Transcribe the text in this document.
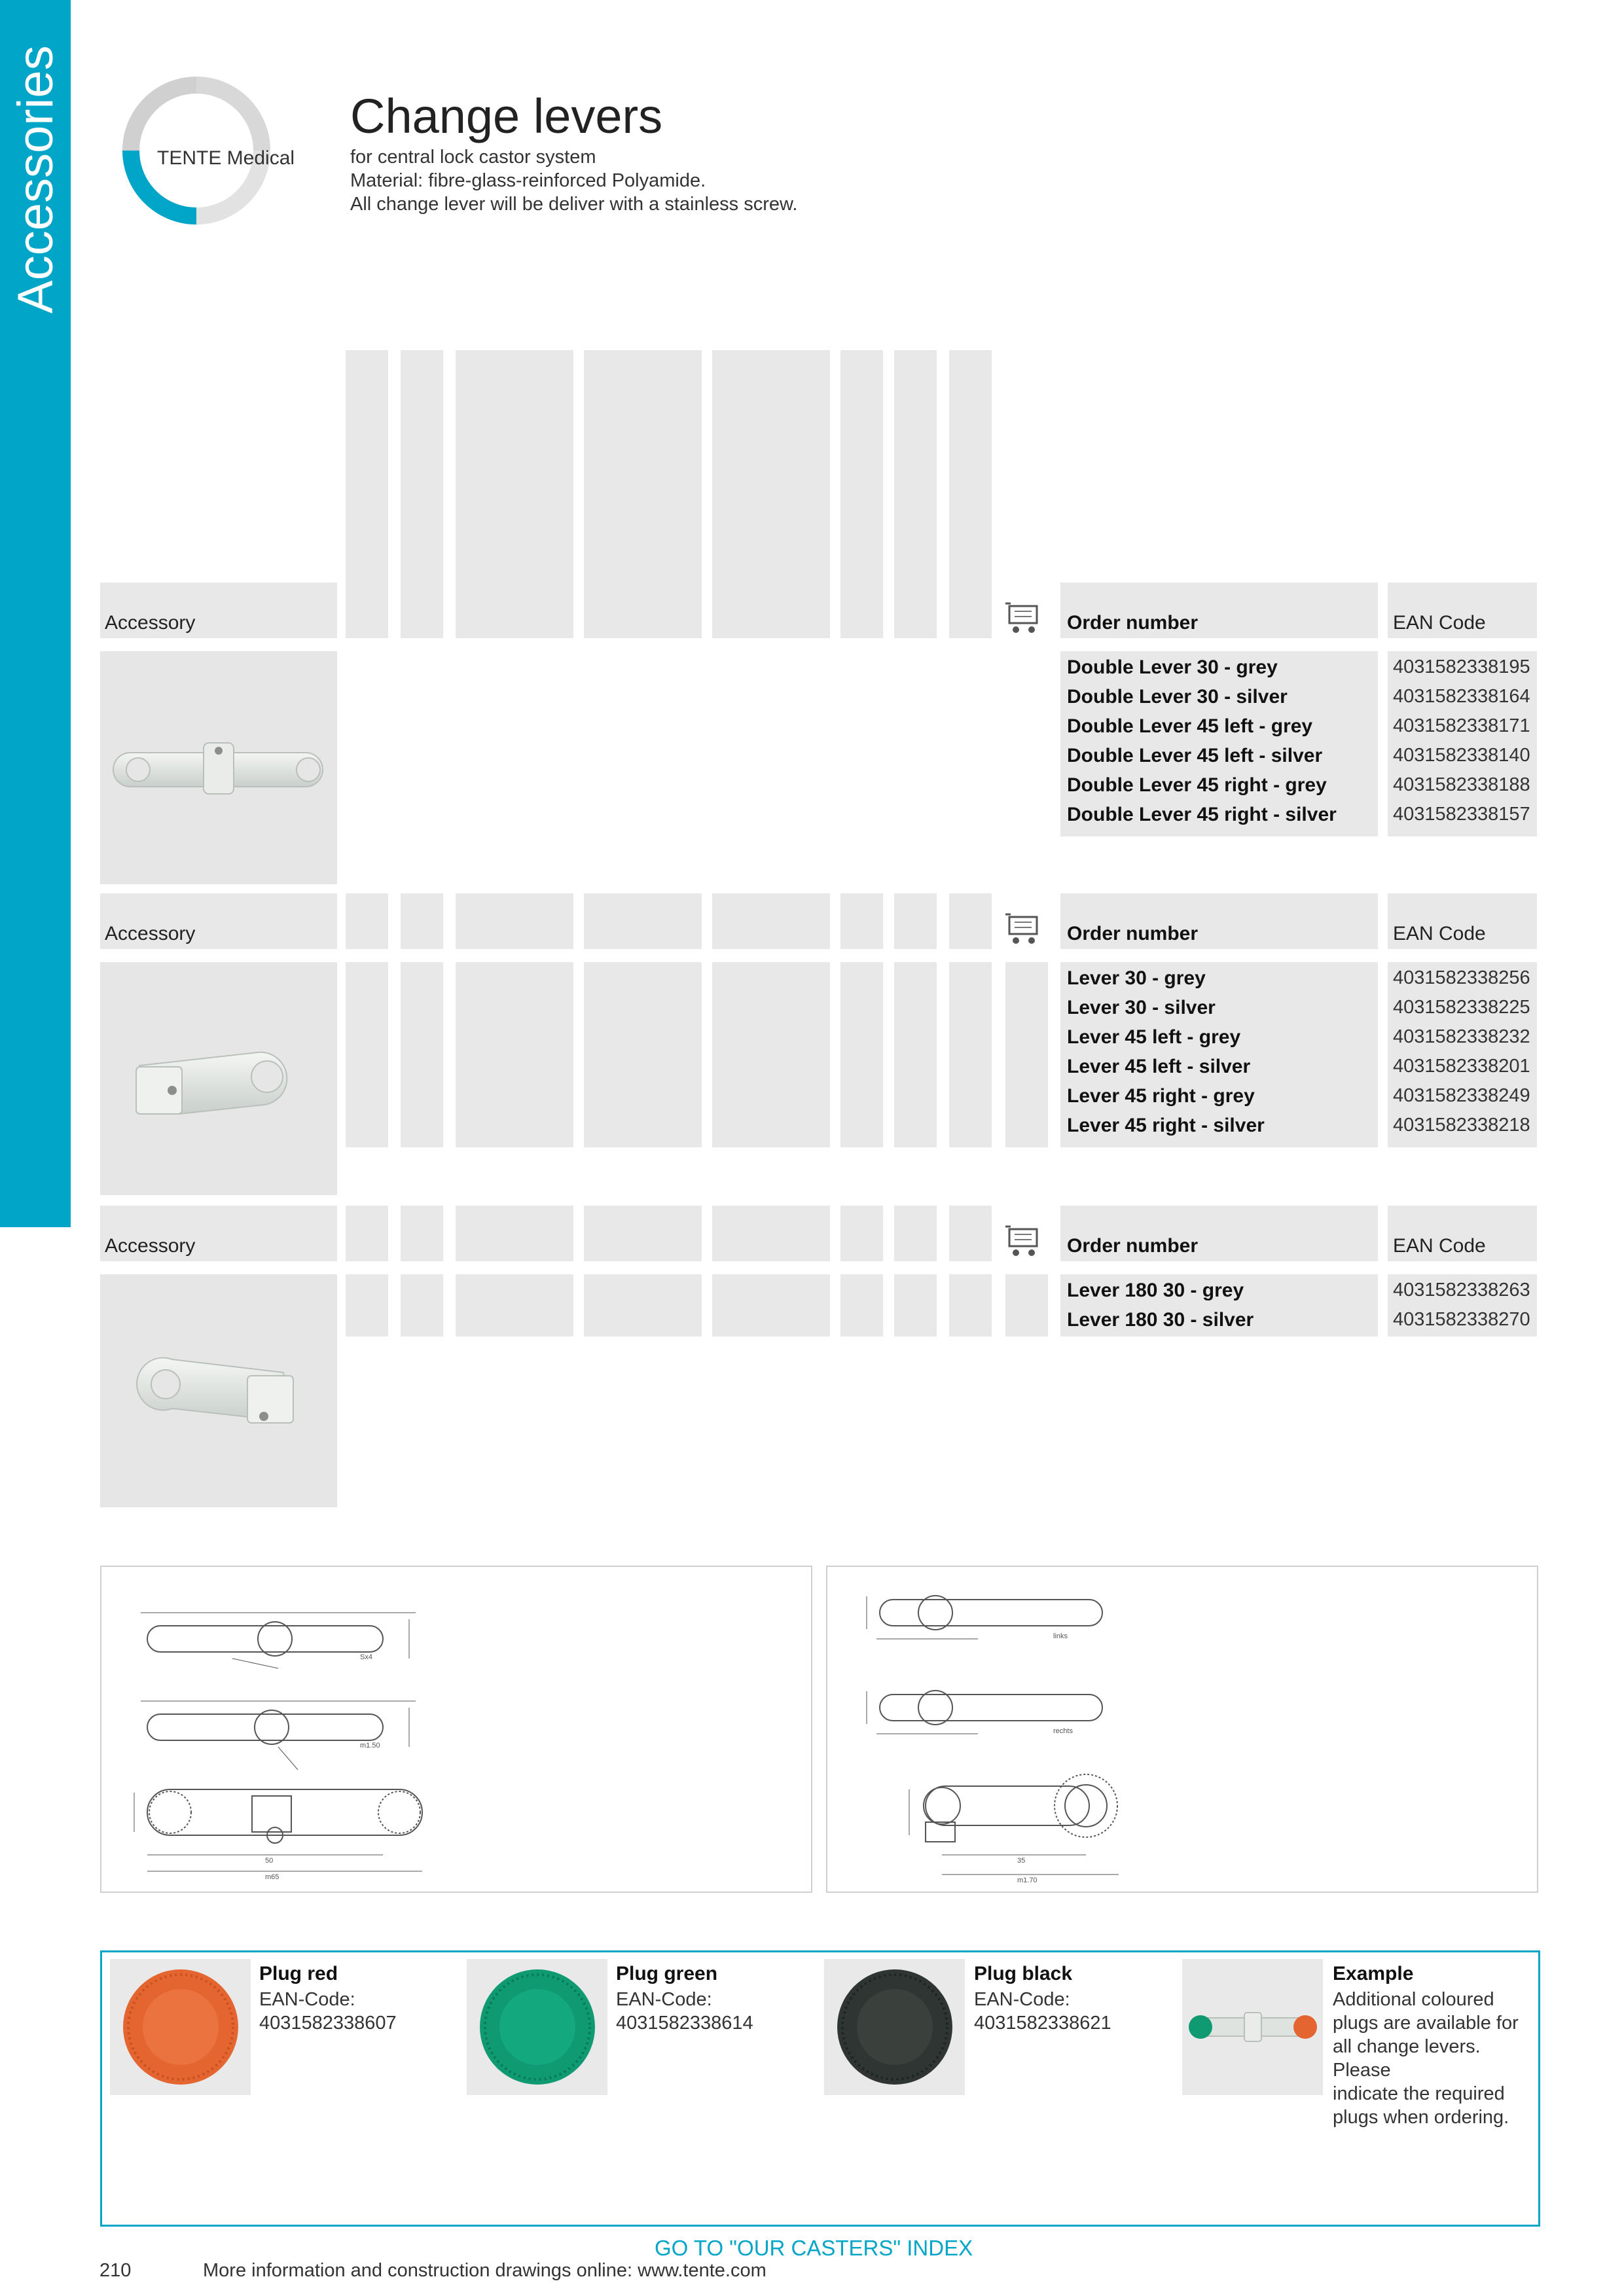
Accessories	TENTE Medical
Change levers
for central lock castor system
Material: fibre-glass-reinforced Polyamide.
All change lever will be deliver with a stainless screw.
Accessory	Order number	EAN Code
Double Lever 30 - grey	4031582338195
Double Lever 30 - silver	4031582338164
Double Lever 45 left - grey	4031582338171
Double Lever 45 left - silver	4031582338140
Double Lever 45 right - grey	4031582338188
Double Lever 45 right - silver	4031582338157
Accessory	Order number	EAN Code
Lever 30 - grey	4031582338256
Lever 30 - silver	4031582338225
Lever 45 left - grey	4031582338232
Lever 45 left - silver	4031582338201
Lever 45 right - grey	4031582338249
Lever 45 right - silver	4031582338218
Accessory	Order number	EAN Code
Lever 180 30 - grey	4031582338263
Lever 180 30 - silver	4031582338270
Sx4
m1.50
50
m65
links
rechts
35
m1.70
Plug red
EAN-Code:
4031582338607
Plug green
EAN-Code:
4031582338614
Plug black
EAN-Code:
4031582338621
Example
Additional coloured
plugs are available for
all change levers. Please
indicate the required
plugs when ordering.
GO TO "OUR CASTERS" INDEX
210	More information and construction drawings online: www.tente.com
